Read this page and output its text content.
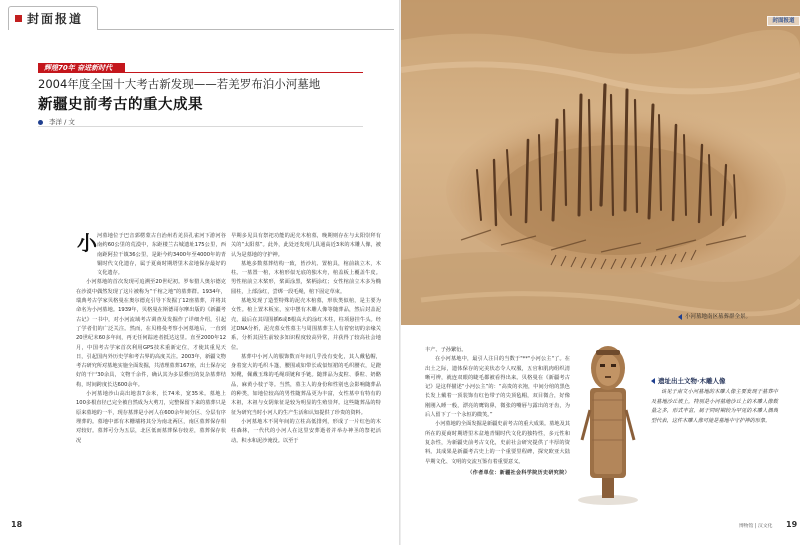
封面报道
辉煌70年 奋进新时代
2004年度全国十大考古新发现——若羌罗布泊小河墓地
新疆史前考古的重大成果
李洋 / 文
小 河墓地位于巴音郭楞蒙古自治州若羌县孔雀河下游河谷南约60公里的荒漠中，东距楼兰古城遗址175公里，西南距阿拉干镇36公里，是距今约3400年至4000年的青铜时代文化遗存，属于夏商时期塔里木盆地保存最好的文化遗存。

小河墓地的首次发现可追溯至20世纪初。罗布猎人奥尔德克在沙漠中偶然发现了这片被称为“千棺之地”的墓葬群。1934年，瑞典考古学家贝格曼在奥尔德克引导下发掘了12座墓葬，并将其命名为小河墓地。1939年，贝格曼在斯德哥尔摩出版的《新疆考古记》一书中，对小河流域考古调查及发掘作了详细介绍，引起了学者们的广泛关注。然而，在贝格曼考察小河墓地后，一直到20世纪末60多年间，再无任何踪迹者抵达这里。直至2000年12月，中国考古学家首次利用GPS技术重新定位，才使其重见天日，引起国内外历史学和考古界的高度关注。2003年，新疆文物考古研究所对墓地实施全面发掘，共清理墓葬167座，出土保存完好的干尸30余具，文物千余件，确认其为多层叠压的复杂墓葬结构，时间跨度长达600余年。

小河墓地沙山高出地表7余米，长74米，宽35米。墓地上100多根直径已完全被自然成为大剪刀，完整保留下来的墓葬只是原来墓地的一半，现存墓葬是小河人在600余年间分区、分层有序埋葬的。墓地中部有木栅墙将其分为南北两区，南区墓葬保存相对较好。墓葬可分为五层，北区低而墓葬保存较差，墓葬保存状况

早期多见具有祭祀功能的泥壳木棺墓，晚期则存在与太阳崇拜有关的“太阳墓”。此外，此处还发现几具通高近3米的木雕人像，被认为是墓地的守护神。

墓地多数墓葬结构一致，皆沙坑、置棺具，棺前栽立木，木柱。一墓置一棺，木棺形似无底的独木舟，棺盖板上覆盖牛皮。男性棺前立木桨形，桨面涂黑，桨柄涂红；女性棺前立木多为椭圆柱，上部涂红，尝绑一段毛绳，棺下固定草束。

墓地发现了造型特殊的泥壳木棺墓，形状类似棺，是主要为女性。棺上置木板室，室中摆有木雕人像等随葬品，然后封盖泥壳，最后在其周围插6或8根高大的涂红木柱，柱项悬挂牛头。经过DNA分析，泥壳墓女性墓主与周围墓葬主人有着密切的亲缘关系，分析其因生前较多知识程度较高异常，并获得了较高社会地位。

墓葬中小河人的服饰数百年间几乎没有变化，其人戴毡帽，身着宽大的毛织斗篷，腰围或如带长或似短裙的毛织腰衣，足蹬短靴，佩戴玉珠的毛绳项链和手链。随葬品为麦粒、黍粒、奶酪品，麻黄小枝子等。当然，墓主人的身份和性别也会影响随葬品的种类，如地位较高的男性随葬品更为丰富，女性墓中有特有的木祖，木祖与女阴象征是较为明显的生殖崇拜。这些随葬品的特征为研究当时小河人的生产生活和认知提供了珍贵的资料。

小河墓地木不同年间的立柱高低排列，形成了一片红色的木柱森林，一代代的小河人在这里安葬逝者并举办神圣的祭祀活动。积水和泥沙淹没。以至于

18
封面报道
小河墓地南区墓葬群全景。

丰产、子孙繁衍。

在小河墓地中，最引人注目的当数于"**"小河公主"了。在出土之际，遗体保存的完美状态令人叹服，五官和肌肉组织清晰可辨，就连双眼的睫毛都被看得出来。贝格曼在《新疆考古记》是这样描述“小河公主”的：“高贵的衣袍，中间分绾的黑色长发上戴着一顶装饰有红色带子的尖顶毡帽，双目微合，好像刚刚入睡一般，漂亮的鹰钩鼻，微张的嘴唇与露出的牙齿，为后人留下了一个永恒的微笑。”

小河墓地的全面发掘是新疆史前考古的重大成果。墓地及其所在的夏商时期塔里木盆地青铜时代文化的独特性，多元性和复杂性，为新疆史前考古文化，史前社会研究提供了丰厚的资料。其成果是新疆考古史上的一个重要里程碑，探究欧亚大陆早期文化、文明的交流互鉴有着重要意义。

（作者单位：新疆社会科学院历史研究院）

遗址出土文物·木雕人像
该见于南文小河墓地的木雕人像主要发现于墓葬中及墓地沙丘坡上，特别是小河墓地沙丘上的木雕人像数量之多，形式丰富，属于同时期较为罕见的木雕人偶典型代表，这件木雕人像可能是墓地中守护神的形象。
博物馆 | 汉文化 19
